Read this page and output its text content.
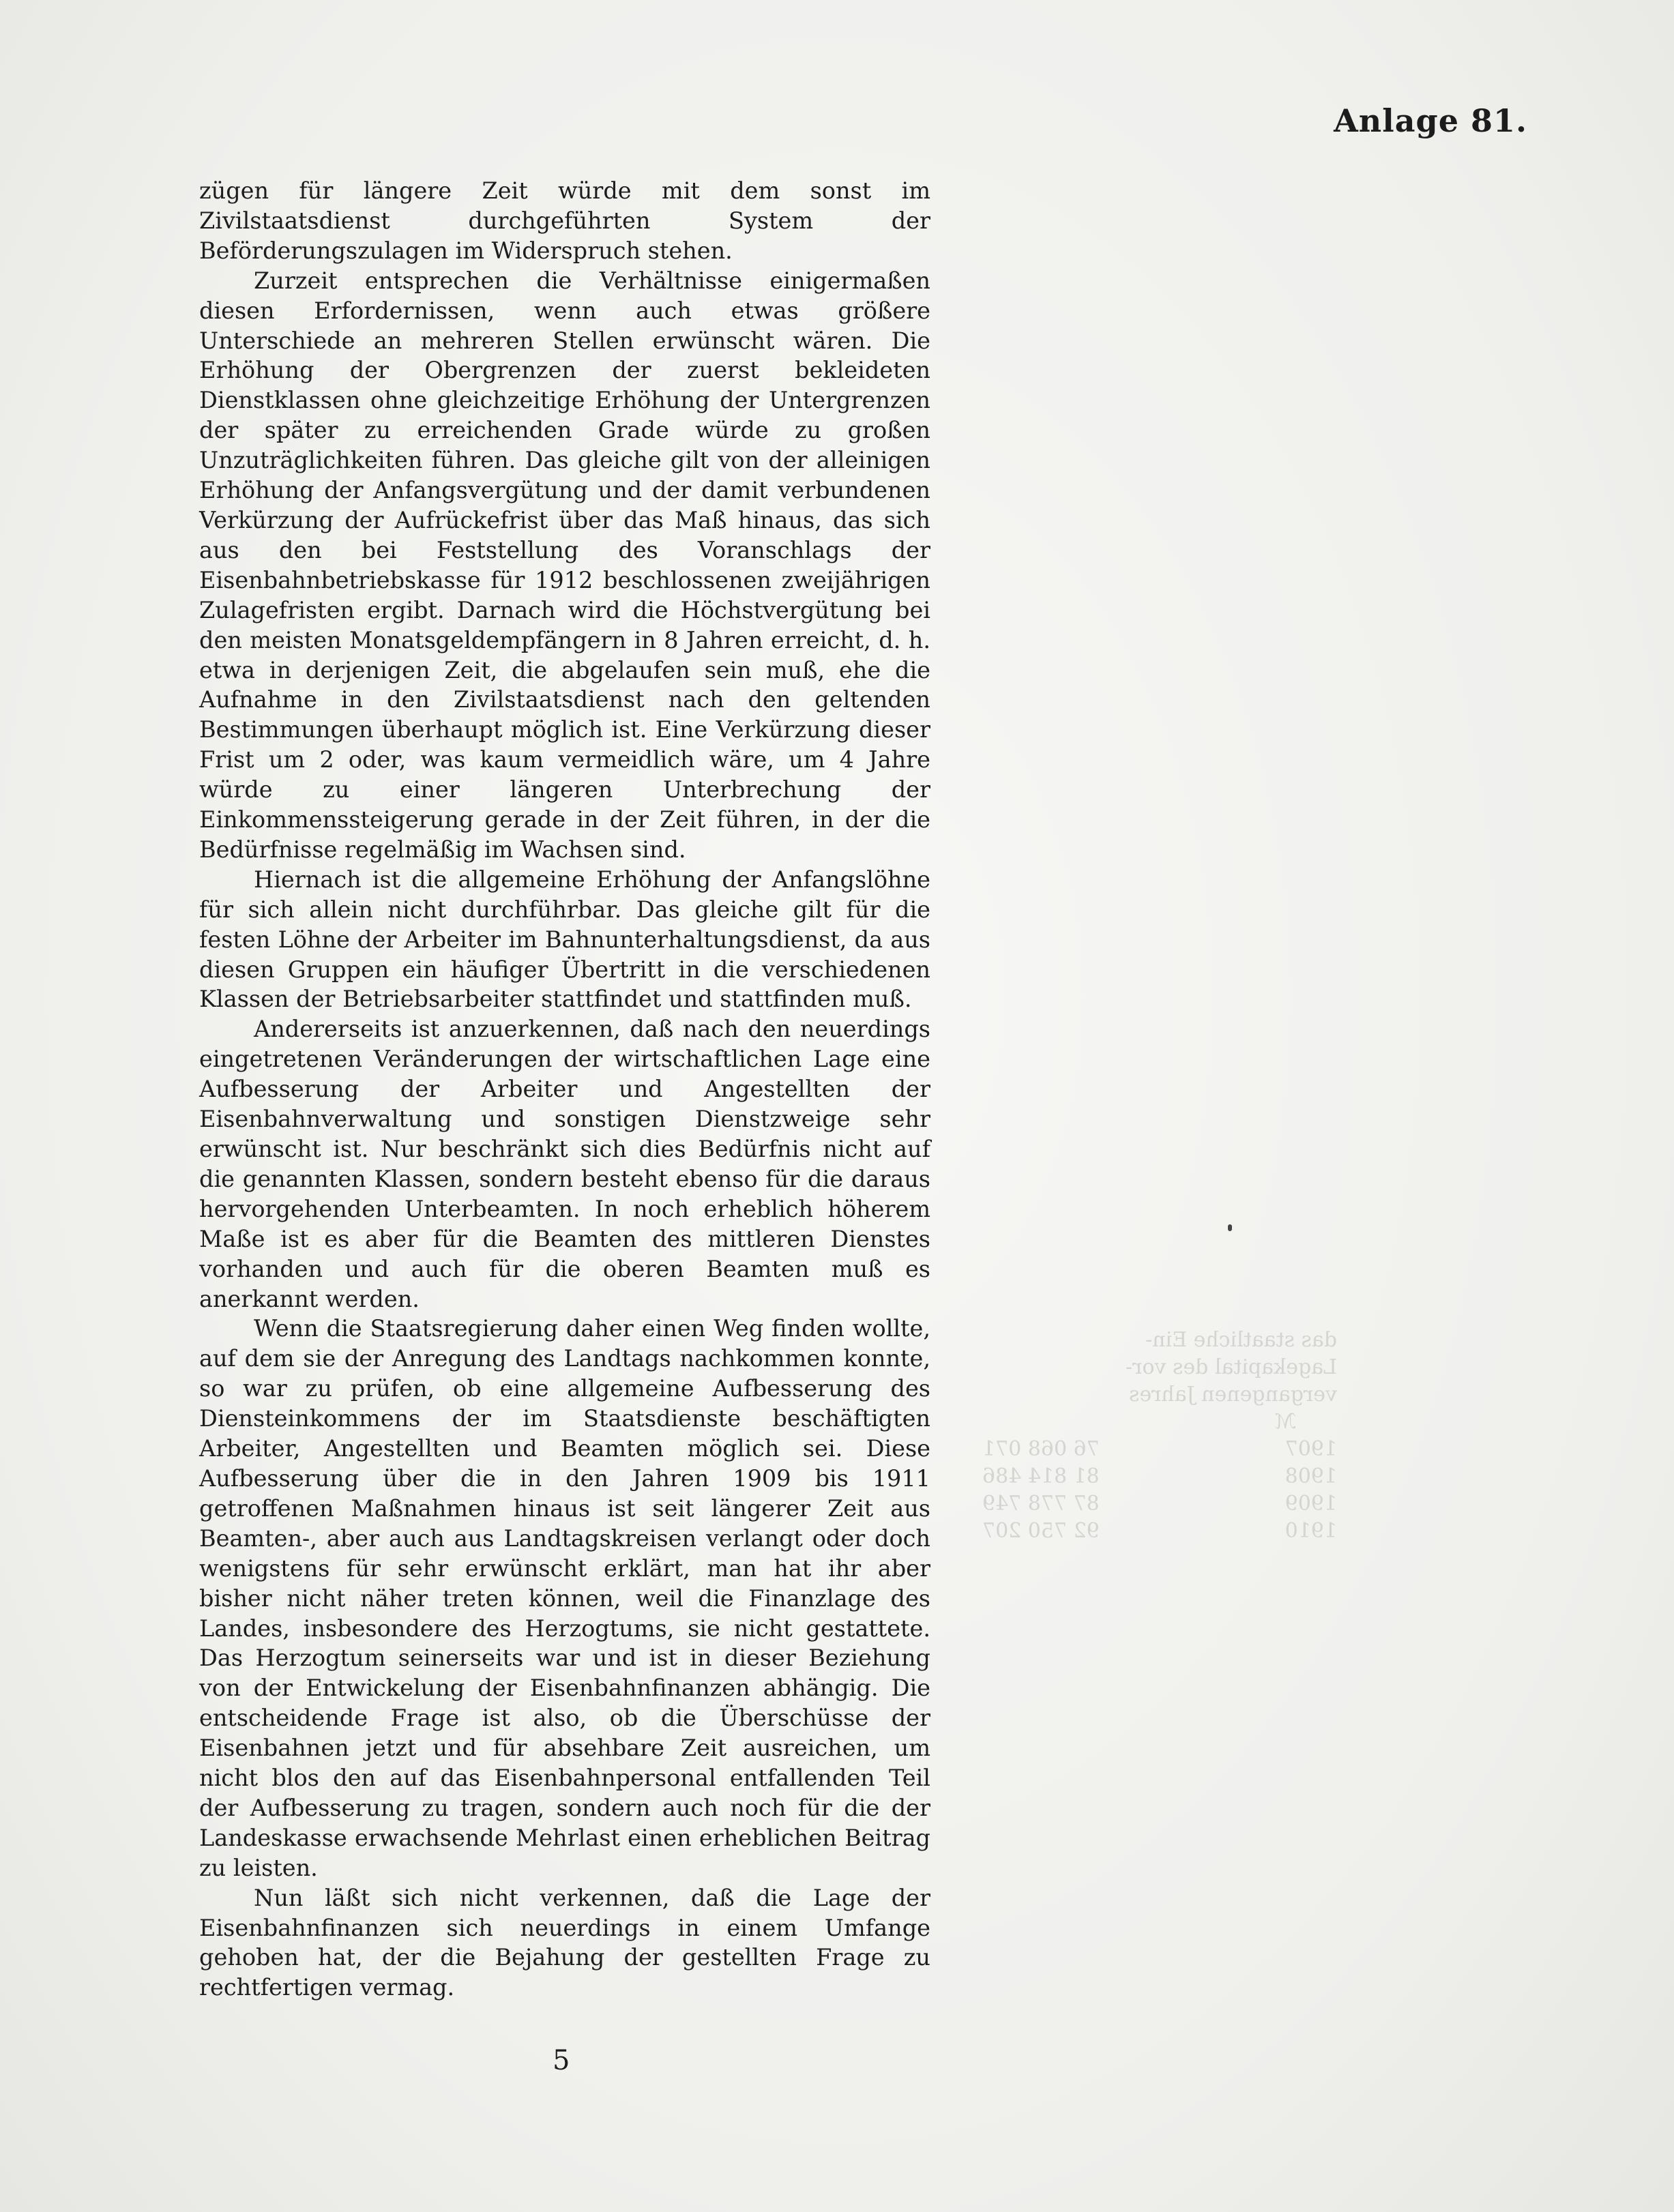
Anlage 81.

zügen für längere Zeit würde mit dem sonst im Zivilstaatsdienst durchgeführten System der Beförderungszulagen im Widerspruch stehen.

Zurzeit entsprechen die Verhältnisse einigermaßen diesen Erfordernissen, wenn auch etwas größere Unterschiede an mehreren Stellen erwünscht wären. Die Erhöhung der Obergrenzen der zuerst bekleideten Dienstklassen ohne gleichzeitige Erhöhung der Untergrenzen der später zu erreichenden Grade würde zu großen Unzuträglichkeiten führen. Das gleiche gilt von der alleinigen Erhöhung der Anfangsvergütung und der damit verbundenen Verkürzung der Aufrückefrist über das Maß hinaus, das sich aus den bei Feststellung des Voranschlags der Eisenbahnbetriebskasse für 1912 beschlossenen zweijährigen Zulagefristen ergibt. Darnach wird die Höchstvergütung bei den meisten Monatsgeldempfängern in 8 Jahren erreicht, d. h. etwa in derjenigen Zeit, die abgelaufen sein muß, ehe die Aufnahme in den Zivilstaatsdienst nach den geltenden Bestimmungen überhaupt möglich ist. Eine Verkürzung dieser Frist um 2 oder, was kaum vermeidlich wäre, um 4 Jahre würde zu einer längeren Unterbrechung der Einkommenssteigerung gerade in der Zeit führen, in der die Bedürfnisse regelmäßig im Wachsen sind.

Hiernach ist die allgemeine Erhöhung der Anfangslöhne für sich allein nicht durchführbar. Das gleiche gilt für die festen Löhne der Arbeiter im Bahnunterhaltungsdienst, da aus diesen Gruppen ein häufiger Übertritt in die verschiedenen Klassen der Betriebsarbeiter stattfindet und stattfinden muß.

Andererseits ist anzuerkennen, daß nach den neuerdings eingetretenen Veränderungen der wirtschaftlichen Lage eine Aufbesserung der Arbeiter und Angestellten der Eisenbahnverwaltung und sonstigen Dienstzweige sehr erwünscht ist. Nur beschränkt sich dies Bedürfnis nicht auf die genannten Klassen, sondern besteht ebenso für die daraus hervorgehenden Unterbeamten. In noch erheblich höherem Maße ist es aber für die Beamten des mittleren Dienstes vorhanden und auch für die oberen Beamten muß es anerkannt werden.

Wenn die Staatsregierung daher einen Weg finden wollte, auf dem sie der Anregung des Landtags nachkommen konnte, so war zu prüfen, ob eine allgemeine Aufbesserung des Diensteinkommens der im Staatsdienste beschäftigten Arbeiter, Angestellten und Beamten möglich sei. Diese Aufbesserung über die in den Jahren 1909 bis 1911 getroffenen Maßnahmen hinaus ist seit längerer Zeit aus Beamten-, aber auch aus Landtagskreisen verlangt oder doch wenigstens für sehr erwünscht erklärt, man hat ihr aber bisher nicht näher treten können, weil die Finanzlage des Landes, insbesondere des Herzogtums, sie nicht gestattete. Das Herzogtum seinerseits war und ist in dieser Beziehung von der Entwickelung der Eisenbahnfinanzen abhängig. Die entscheidende Frage ist also, ob die Überschüsse der Eisenbahnen jetzt und für absehbare Zeit ausreichen, um nicht blos den auf das Eisenbahnpersonal entfallenden Teil der Aufbesserung zu tragen, sondern auch noch für die der Landeskasse erwachsende Mehrlast einen erheblichen Beitrag zu leisten.

Nun läßt sich nicht verkennen, daß die Lage der Eisenbahnfinanzen sich neuerdings in einem Umfange gehoben hat, der die Bejahung der gestellten Frage zu rechtfertigen vermag.

das staatliche Ein-
Lagekapital des vor-
vergangenen Jahres
ℳ
1907
76 068 071
1908
81 814 486
1909
87 778 749
1910
92 750 207
5
